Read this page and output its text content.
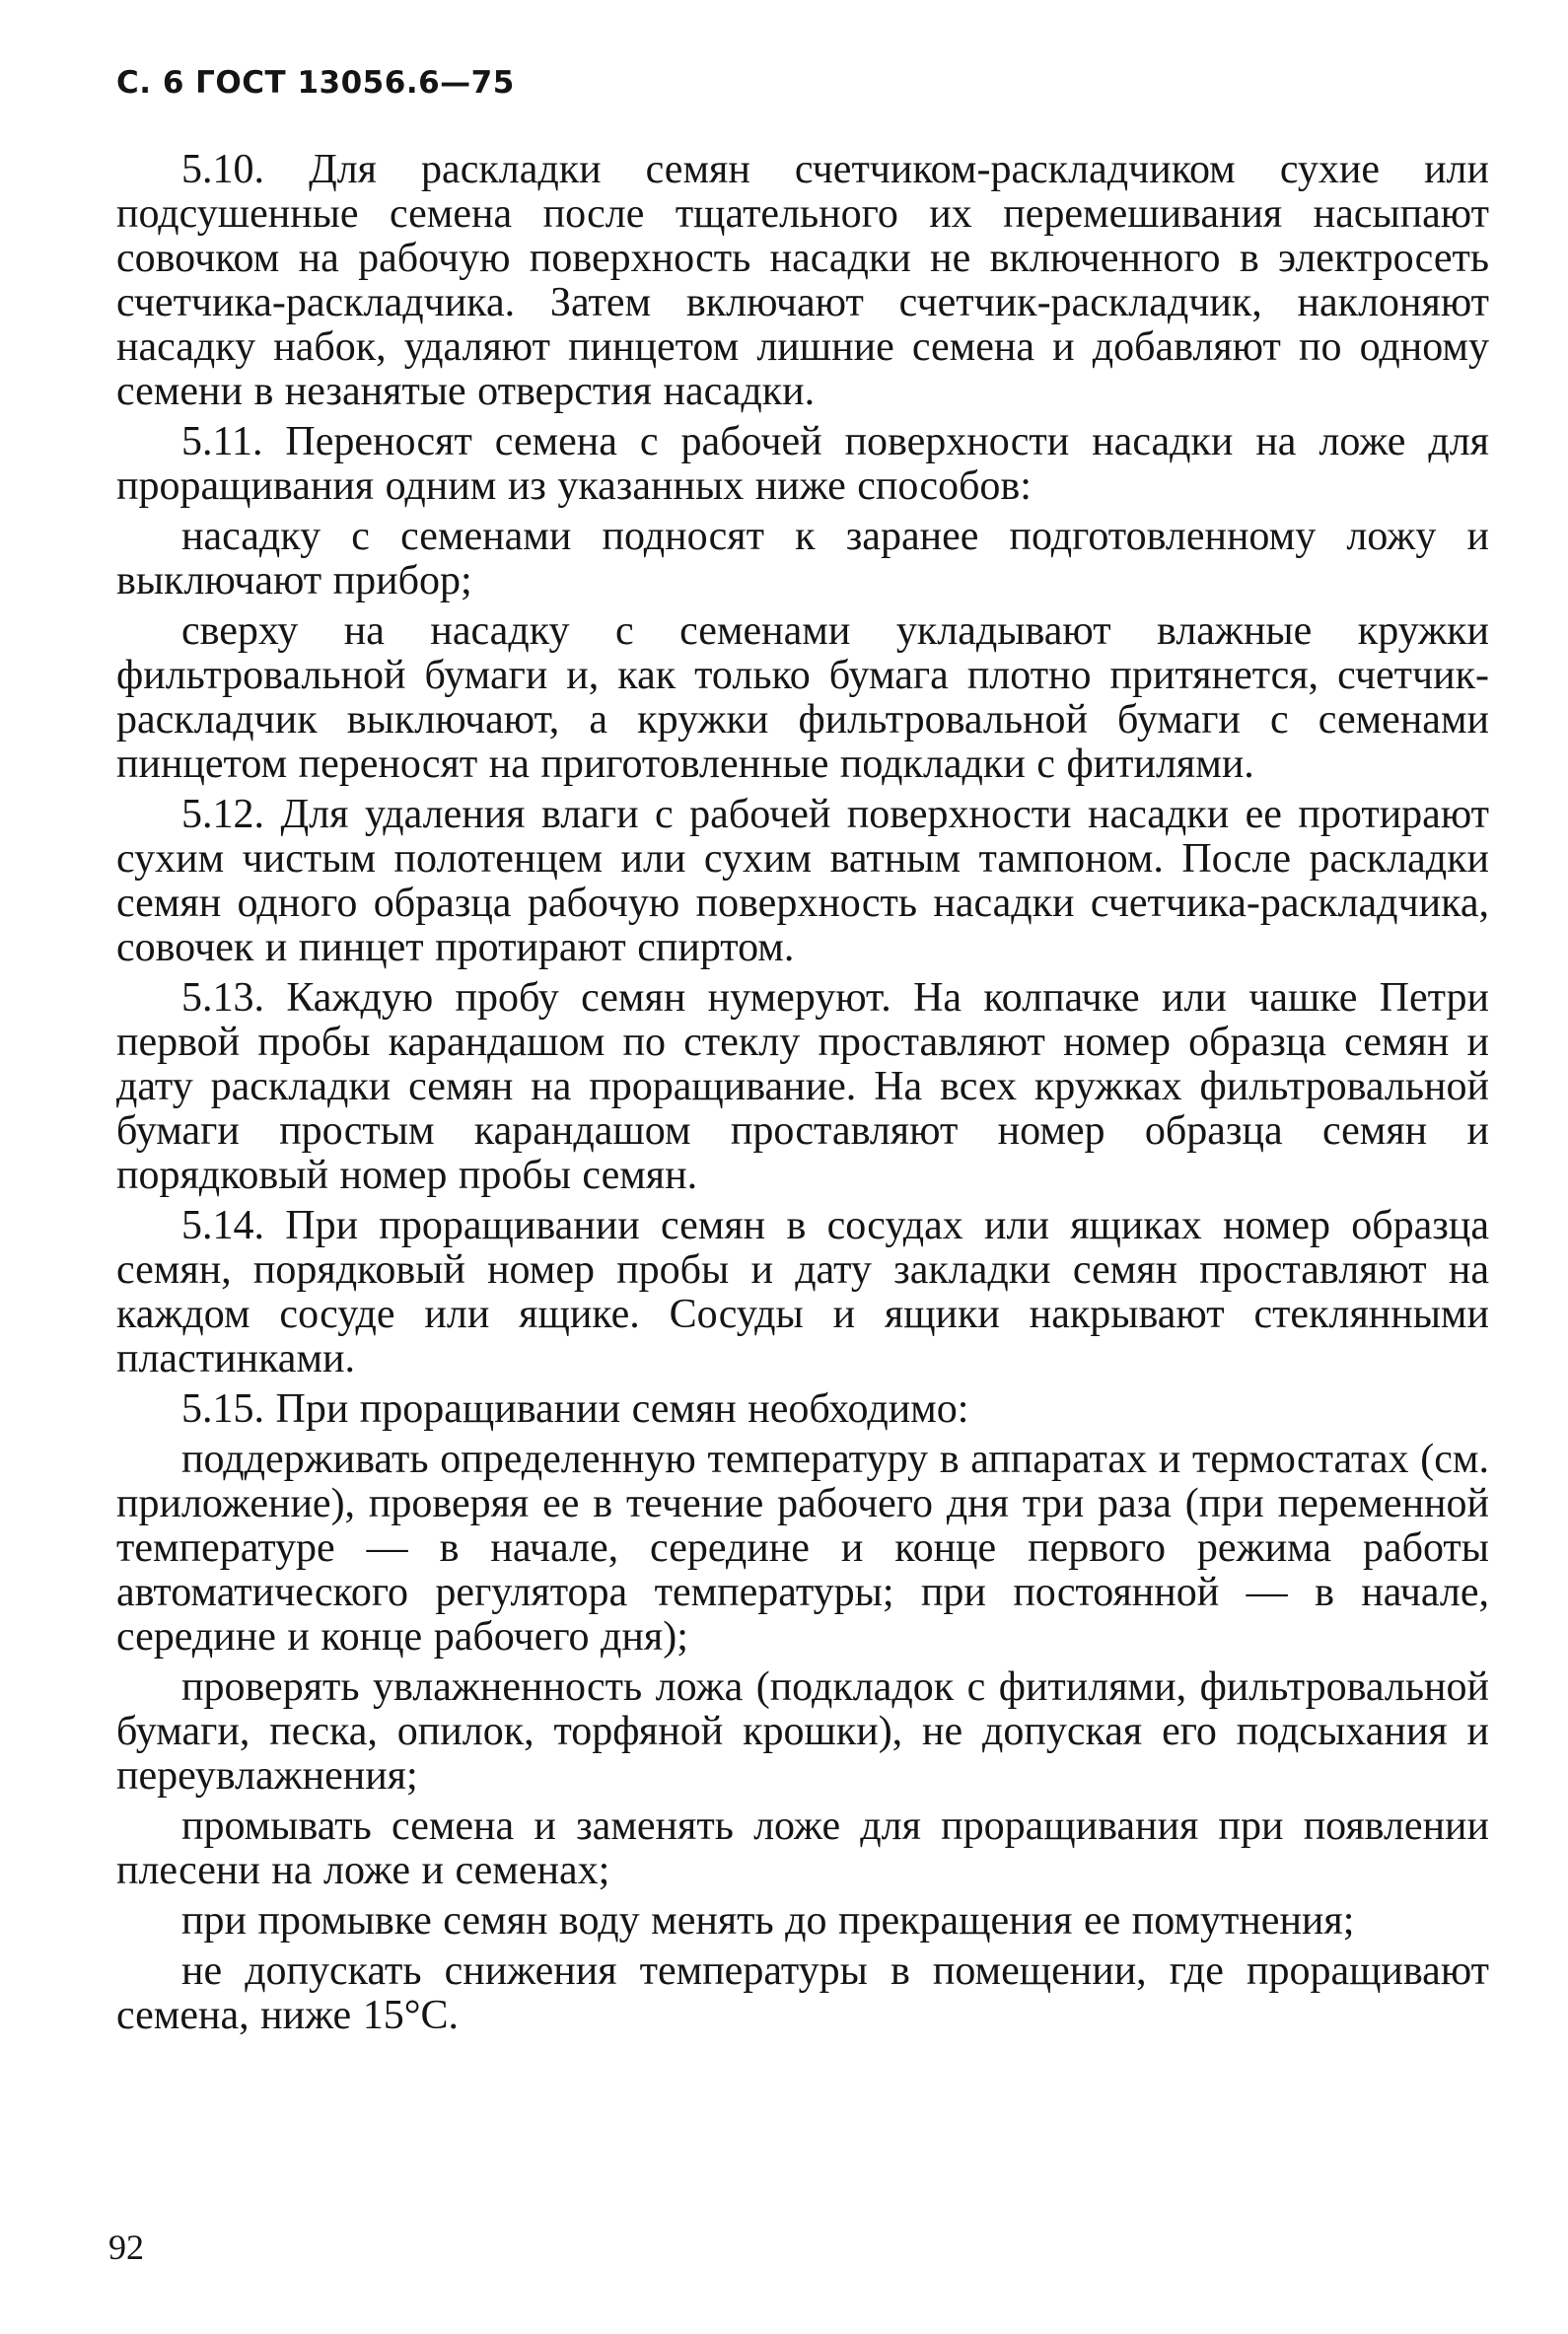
С. 6 ГОСТ 13056.6—75

5.10. Для раскладки семян счетчиком-раскладчиком сухие или подсушенные семена после тщательного их перемешивания насыпают совочком на рабочую поверхность насадки не включенного в электросеть счетчика-раскладчика. Затем включают счетчик-раскладчик, наклоняют насадку набок, удаляют пинцетом лишние семена и добавляют по одному семени в незанятые отверстия насадки.

5.11. Переносят семена с рабочей поверхности насадки на ложе для проращивания одним из указанных ниже способов:

насадку с семенами подносят к заранее подготовленному ложу и выключают прибор;

сверху на насадку с семенами укладывают влажные кружки фильтровальной бумаги и, как только бумага плотно притянется, счетчик-раскладчик выключают, а кружки фильтровальной бумаги с семенами пинцетом переносят на приготовленные подкладки с фитилями.

5.12. Для удаления влаги с рабочей поверхности насадки ее протирают сухим чистым полотенцем или сухим ватным тампоном. После раскладки семян одного образца рабочую поверхность насадки счетчика-раскладчика, совочек и пинцет протирают спиртом.

5.13. Каждую пробу семян нумеруют. На колпачке или чашке Петри первой пробы карандашом по стеклу проставляют номер образца семян и дату раскладки семян на проращивание. На всех кружках фильтровальной бумаги простым карандашом проставляют номер образца семян и порядковый номер пробы семян.

5.14. При проращивании семян в сосудах или ящиках номер образца семян, порядковый номер пробы и дату закладки семян проставляют на каждом сосуде или ящике. Сосуды и ящики накрывают стеклянными пластинками.

5.15. При проращивании семян необходимо:

поддерживать определенную температуру в аппаратах и термостатах (см. приложение), проверяя ее в течение рабочего дня три раза (при переменной температуре — в начале, середине и конце первого режима работы автоматического регулятора температуры; при постоянной — в начале, середине и конце рабочего дня);

проверять увлажненность ложа (подкладок с фитилями, фильтровальной бумаги, песка, опилок, торфяной крошки), не допуская его подсыхания и переувлажнения;

промывать семена и заменять ложе для проращивания при появлении плесени на ложе и семенах;

при промывке семян воду менять до прекращения ее помутнения;

не допускать снижения температуры в помещении, где проращивают семена, ниже 15°С.

92
